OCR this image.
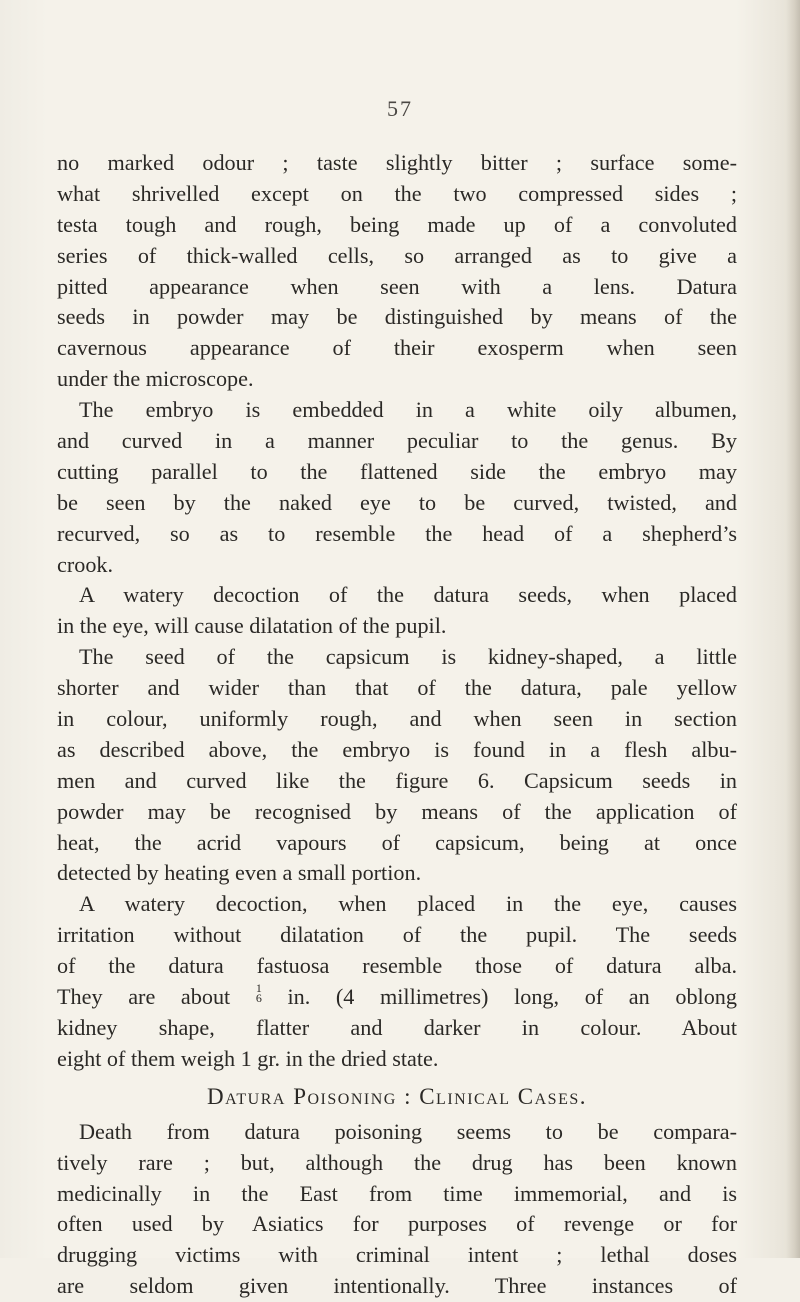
57
no marked odour ; taste slightly bitter ; surface some-
what shrivelled except on the two compressed sides ;
testa tough and rough, being made up of a convoluted
series of thick-walled cells, so arranged as to give a
pitted appearance when seen with a lens. Datura
seeds in powder may be distinguished by means of the
cavernous appearance of their exosperm when seen
under the microscope.
The embryo is embedded in a white oily albumen,
and curved in a manner peculiar to the genus. By
cutting parallel to the flattened side the embryo may
be seen by the naked eye to be curved, twisted, and
recurved, so as to resemble the head of a shepherd’s
crook.
A watery decoction of the datura seeds, when placed
in the eye, will cause dilatation of the pupil.
The seed of the capsicum is kidney-shaped, a little
shorter and wider than that of the datura, pale yellow
in colour, uniformly rough, and when seen in section
as described above, the embryo is found in a flesh albu-
men and curved like the figure 6. Capsicum seeds in
powder may be recognised by means of the application of
heat, the acrid vapours of capsicum, being at once
detected by heating even a small portion.
A watery decoction, when placed in the eye, causes
irritation without dilatation of the pupil. The seeds
of the datura fastuosa resemble those of datura alba.
They are about 1
6 in. (4 millimetres) long, of an oblong
kidney shape, flatter and darker in colour. About
eight of them weigh 1 gr. in the dried state.
Datura Poisoning : Clinical Cases.
Death from datura poisoning seems to be compara-
tively rare ; but, although the drug has been known
medicinally in the East from time immemorial, and is
often used by Asiatics for purposes of revenge or for
drugging victims with criminal intent ; lethal doses
are seldom given intentionally. Three instances of
